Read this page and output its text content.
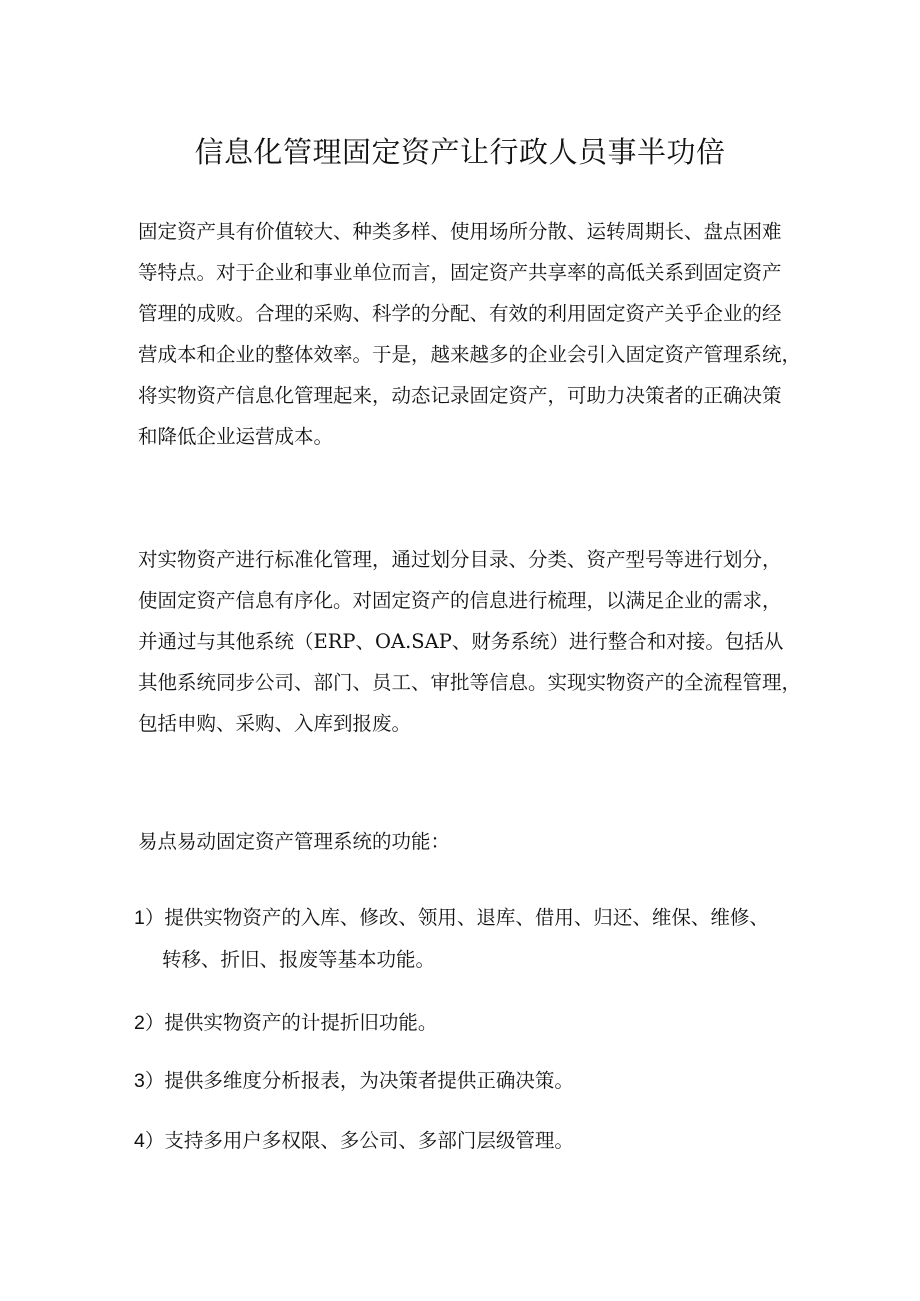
信息化管理固定资产让行政人员事半功倍

固定资产具有价值较大、种类多样、使用场所分散、运转周期长、盘点困难
等特点。对于企业和事业单位而言，固定资产共享率的高低关系到固定资产
管理的成败。合理的采购、科学的分配、有效的利用固定资产关乎企业的经
营成本和企业的整体效率。于是，越来越多的企业会引入固定资产管理系统，
将实物资产信息化管理起来，动态记录固定资产，可助力决策者的正确决策
和降低企业运营成本。

对实物资产进行标准化管理，通过划分目录、分类、资产型号等进行划分，
使固定资产信息有序化。对固定资产的信息进行梳理，以满足企业的需求，
并通过与其他系统（ERP、OA.SAP、财务系统）进行整合和对接。包括从
其他系统同步公司、部门、员工、审批等信息。实现实物资产的全流程管理，
包括申购、采购、入库到报废。

易点易动固定资产管理系统的功能：

1）提供实物资产的入库、修改、领用、退库、借用、归还、维保、维修、
转移、折旧、报废等基本功能。
2）提供实物资产的计提折旧功能。
3）提供多维度分析报表，为决策者提供正确决策。
4）支持多用户多权限、多公司、多部门层级管理。
